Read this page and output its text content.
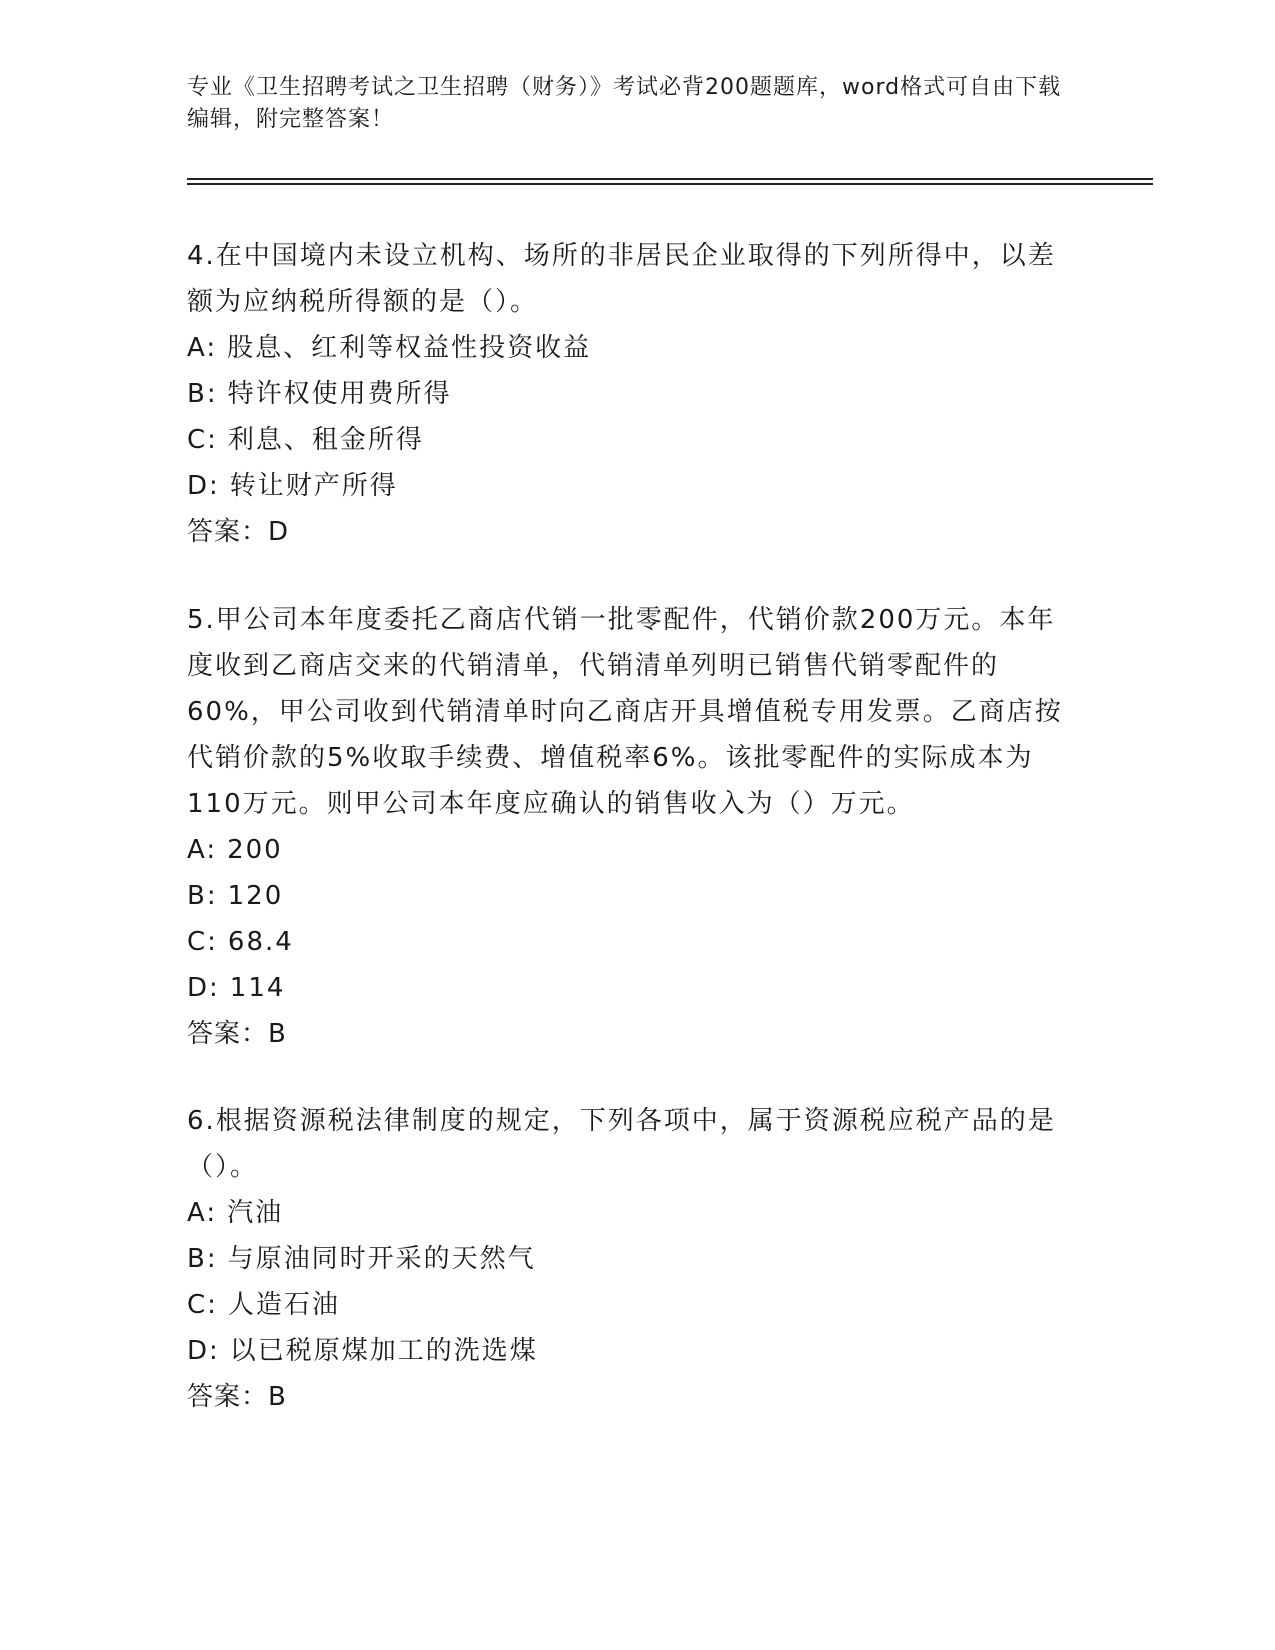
专业《卫生招聘考试之卫生招聘（财务）》考试必背200题题库，word格式可自由下载编辑，附完整答案！

4.在中国境内未设立机构、场所的非居民企业取得的下列所得中，以差额为应纳税所得额的是（）。

A: 股息、红利等权益性投资收益

B: 特许权使用费所得

C: 利息、租金所得

D: 转让财产所得

答案：D

5.甲公司本年度委托乙商店代销一批零配件，代销价款200万元。本年度收到乙商店交来的代销清单，代销清单列明已销售代销零配件的60%，甲公司收到代销清单时向乙商店开具增值税专用发票。乙商店按代销价款的5%收取手续费、增值税率6%。该批零配件的实际成本为110万元。则甲公司本年度应确认的销售收入为（）万元。

A: 200

B: 120

C: 68.4

D: 114

答案：B

6.根据资源税法律制度的规定，下列各项中，属于资源税应税产品的是（）。

A: 汽油

B: 与原油同时开采的天然气

C: 人造石油

D: 以已税原煤加工的洗选煤

答案：B
